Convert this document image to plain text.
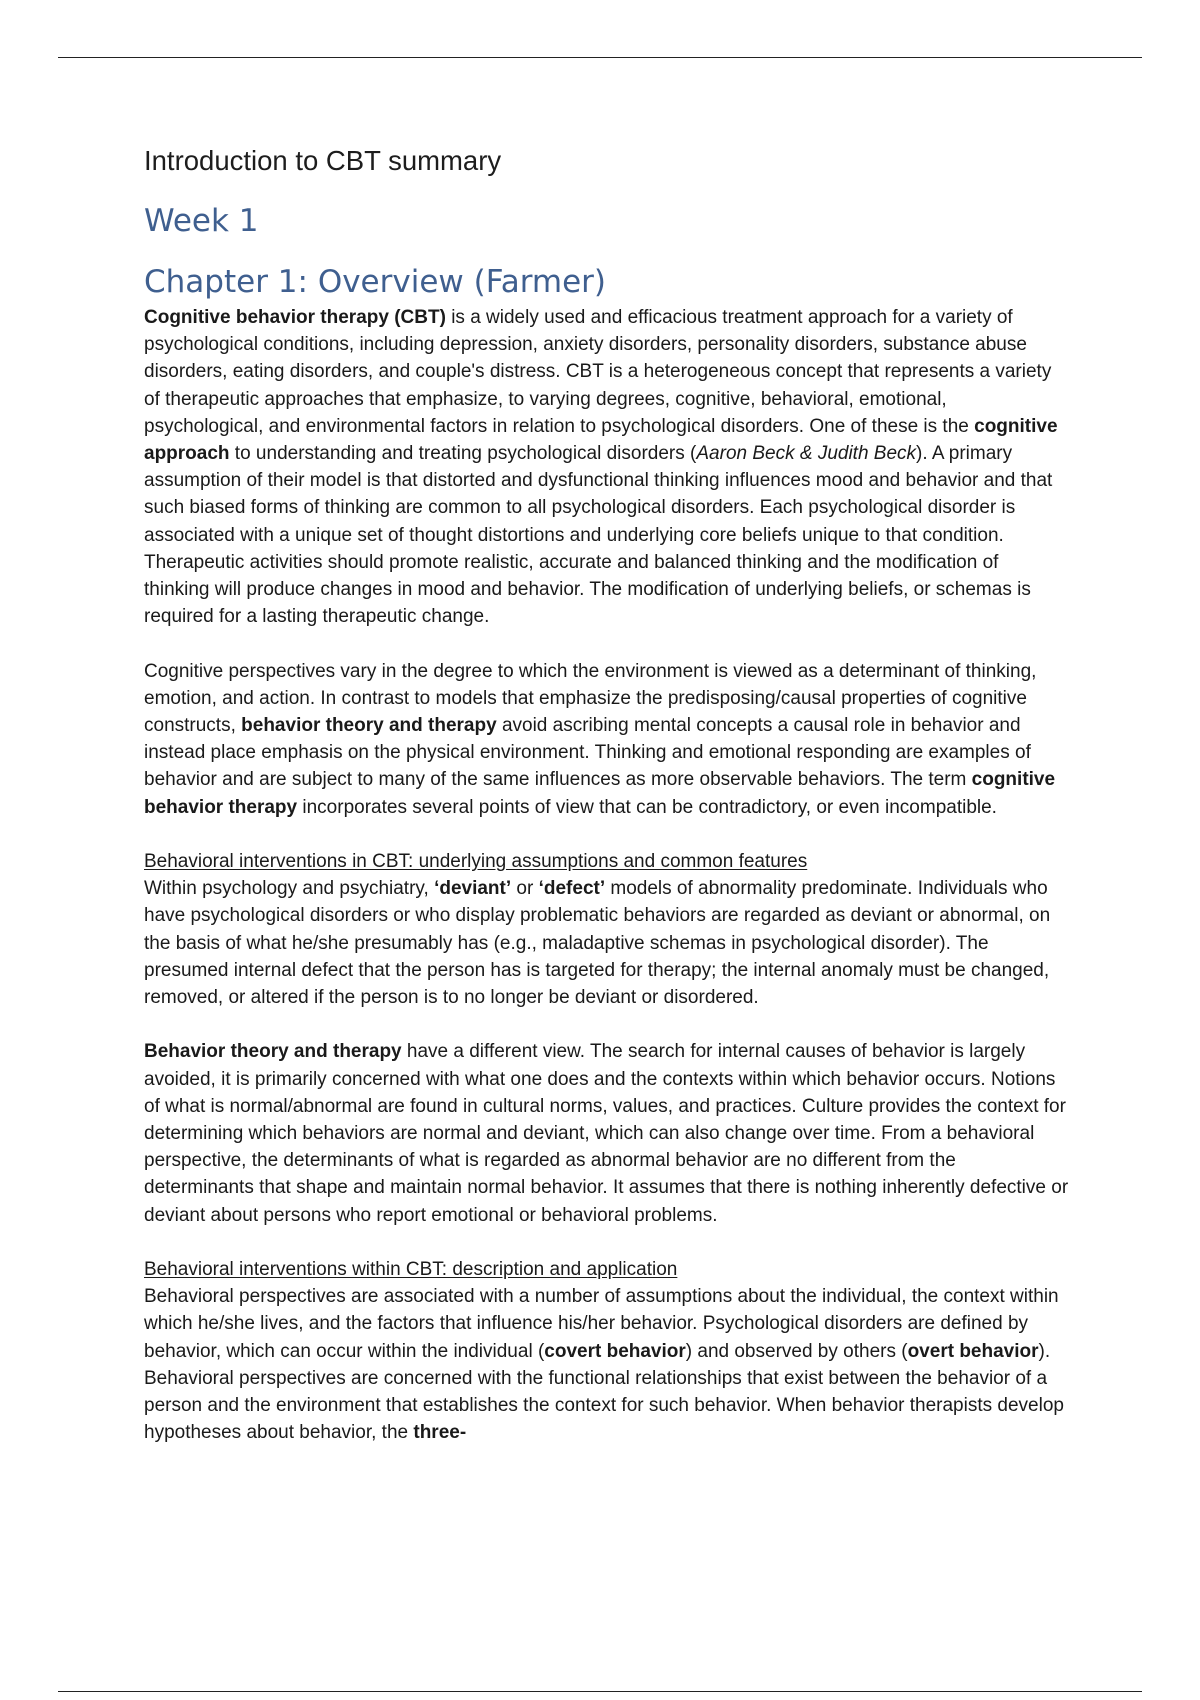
Introduction to CBT summary
Week 1
Chapter 1: Overview (Farmer)

Cognitive behavior therapy (CBT) is a widely used and efficacious treatment approach for a variety of psychological conditions, including depression, anxiety disorders, personality disorders, substance abuse disorders, eating disorders, and couple's distress. CBT is a heterogeneous concept that represents a variety of therapeutic approaches that emphasize, to varying degrees, cognitive, behavioral, emotional, psychological, and environmental factors in relation to psychological disorders. One of these is the cognitive approach to understanding and treating psychological disorders (Aaron Beck & Judith Beck). A primary assumption of their model is that distorted and dysfunctional thinking influences mood and behavior and that such biased forms of thinking are common to all psychological disorders. Each psychological disorder is associated with a unique set of thought distortions and underlying core beliefs unique to that condition. Therapeutic activities should promote realistic, accurate and balanced thinking and the modification of thinking will produce changes in mood and behavior. The modification of underlying beliefs, or schemas is required for a lasting therapeutic change.

Cognitive perspectives vary in the degree to which the environment is viewed as a determinant of thinking, emotion, and action. In contrast to models that emphasize the predisposing/causal properties of cognitive constructs, behavior theory and therapy avoid ascribing mental concepts a causal role in behavior and instead place emphasis on the physical environment. Thinking and emotional responding are examples of behavior and are subject to many of the same influences as more observable behaviors. The term cognitive behavior therapy incorporates several points of view that can be contradictory, or even incompatible.

Behavioral interventions in CBT: underlying assumptions and common features

Within psychology and psychiatry, ‘deviant’ or ‘defect’ models of abnormality predominate. Individuals who have psychological disorders or who display problematic behaviors are regarded as deviant or abnormal, on the basis of what he/she presumably has (e.g., maladaptive schemas in psychological disorder). The presumed internal defect that the person has is targeted for therapy; the internal anomaly must be changed, removed, or altered if the person is to no longer be deviant or disordered.

Behavior theory and therapy have a different view. The search for internal causes of behavior is largely avoided, it is primarily concerned with what one does and the contexts within which behavior occurs. Notions of what is normal/abnormal are found in cultural norms, values, and practices. Culture provides the context for determining which behaviors are normal and deviant, which can also change over time. From a behavioral perspective, the determinants of what is regarded as abnormal behavior are no different from the determinants that shape and maintain normal behavior. It assumes that there is nothing inherently defective or deviant about persons who report emotional or behavioral problems.

Behavioral interventions within CBT: description and application

Behavioral perspectives are associated with a number of assumptions about the individual, the context within which he/she lives, and the factors that influence his/her behavior. Psychological disorders are defined by behavior, which can occur within the individual (covert behavior) and observed by others (overt behavior). Behavioral perspectives are concerned with the functional relationships that exist between the behavior of a person and the environment that establishes the context for such behavior. When behavior therapists develop hypotheses about behavior, the three-
